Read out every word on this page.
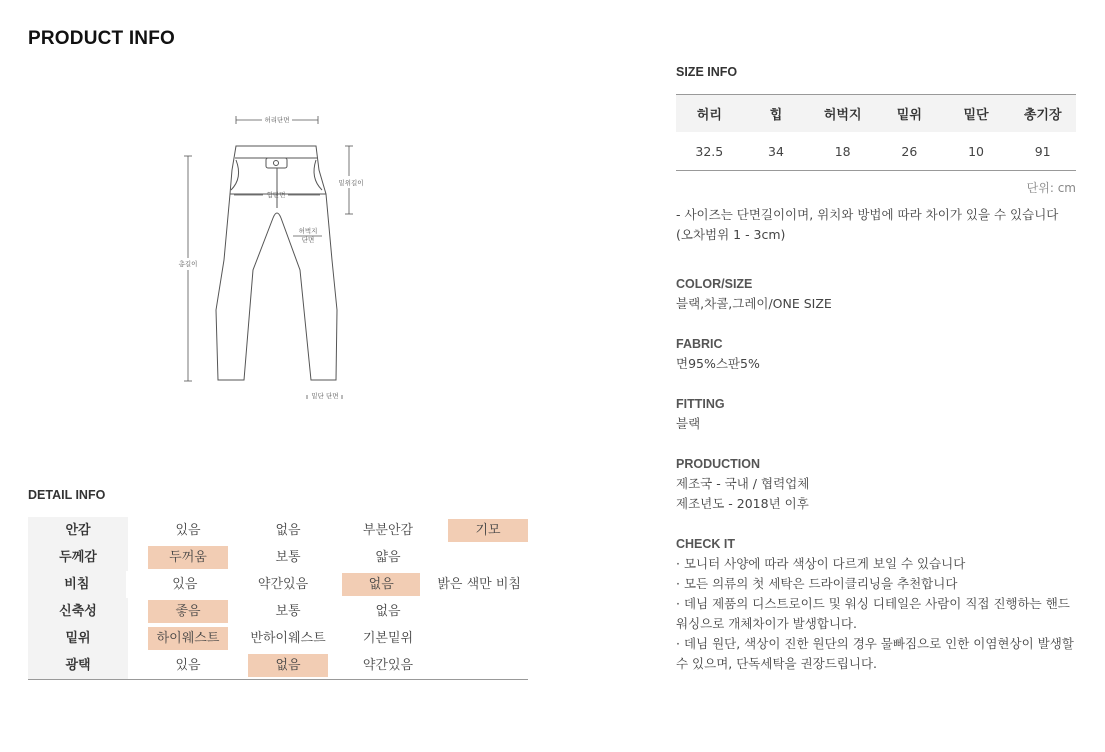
PRODUCT INFO
허리단면
총길이
밑위길이
힙단면
허벅지
단면
밑단 단면
DETAIL INFO
안감	있음	없음	부분안감	기모
두께감	두꺼움	보통	얇음
비침	있음	약간있음	없음	밝은 색만 비침
신축성	좋음	보통	없음
밑위	하이웨스트	반하이웨스트	기본밑위
광택	있음	없음	약간있음
SIZE INFO
허리	힙	허벅지	밑위	밑단	총기장
32.5	34	18	26	10	91
단위: cm

- 사이즈는 단면길이이며, 위치와 방법에 따라 차이가 있을 수 있습니다
(오차범위 1 - 3cm)

COLOR/SIZE
블랙,차콜,그레이/ONE SIZE
FABRIC
면95%스판5%
FITTING
블랙
PRODUCTION
제조국 - 국내 / 협력업체
제조년도 - 2018년 이후
CHECK IT
· 모니터 사양에 따라 색상이 다르게 보일 수 있습니다
· 모든 의류의 첫 세탁은 드라이클리닝을 추천합니다
· 데님 제품의 디스트로이드 및 워싱 디테일은 사람이 직접 진행하는 핸드
워싱으로 개체차이가 발생합니다.
· 데님 원단, 색상이 진한 원단의 경우 물빠짐으로 인한 이염현상이 발생할
수 있으며, 단독세탁을 권장드립니다.
